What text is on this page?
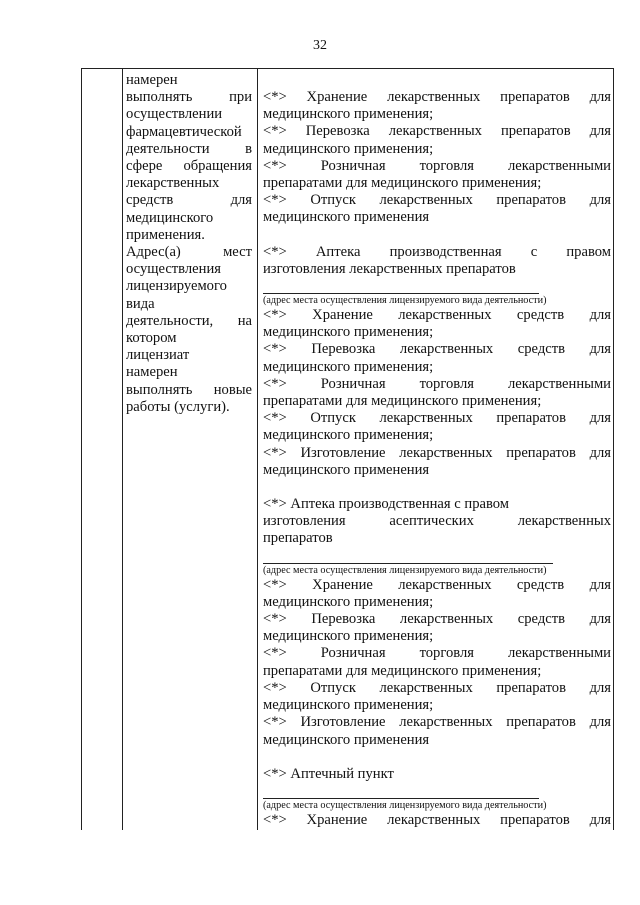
32
намерен
выполнять при
осуществлении
фармацевтической
деятельности в
сфере обращения
лекарственных
средств для
медицинского
применения.
Адрес(а) мест
осуществления
лицензируемого
вида
деятельности, на
котором
лицензиат
намерен
выполнять новые
работы (услуги).
<*> Хранение лекарственных препаратов для
медицинского применения;
<*> Перевозка лекарственных препаратов для
медицинского применения;
<*> Розничная торговля лекарственными
препаратами для медицинского применения;
<*> Отпуск лекарственных препаратов для
медицинского применения
<*> Аптека производственная с правом
изготовления лекарственных препаратов
(адрес места осуществления лицензируемого вида деятельности)
<*> Хранение лекарственных средств для
медицинского применения;
<*> Перевозка лекарственных средств для
медицинского применения;
<*> Розничная торговля лекарственными
препаратами для медицинского применения;
<*> Отпуск лекарственных препаратов для
медицинского применения;
<*> Изготовление лекарственных препаратов для
медицинского применения
<*> Аптека производственная с правом
изготовления асептических лекарственных
препаратов
(адрес места осуществления лицензируемого вида деятельности)
<*> Хранение лекарственных средств для
медицинского применения;
<*> Перевозка лекарственных средств для
медицинского применения;
<*> Розничная торговля лекарственными
препаратами для медицинского применения;
<*> Отпуск лекарственных препаратов для
медицинского применения;
<*> Изготовление лекарственных препаратов для
медицинского применения
<*> Аптечный пункт
(адрес места осуществления лицензируемого вида деятельности)
<*> Хранение лекарственных препаратов для
